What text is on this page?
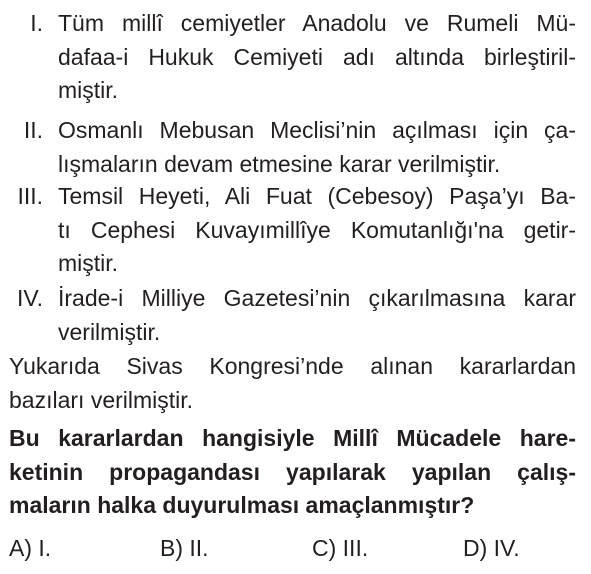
I. Tüm millî cemiyetler Anadolu ve Rumeli Mü-
dafaa-i Hukuk Cemiyeti adı altında birleştiril-
miştir.
II. Osmanlı Mebusan Meclisi’nin açılması için ça-
lışmaların devam etmesine karar verilmiştir.
III. Temsil Heyeti, Ali Fuat (Cebesoy) Paşa’yı Ba-
tı Cephesi Kuvayımillîye Komutanlığı'na getir-
miştir.
IV. İrade-i Milliye Gazetesi’nin çıkarılmasına karar
verilmiştir.
Yukarıda Sivas Kongresi’nde alınan kararlardan
bazıları verilmiştir.
Bu kararlardan hangisiyle Millî Mücadele hare-
ketinin propagandası yapılarak yapılan çalış-
maların halka duyurulması amaçlanmıştır?
A) I.	B) II.	C) III.	D) IV.
